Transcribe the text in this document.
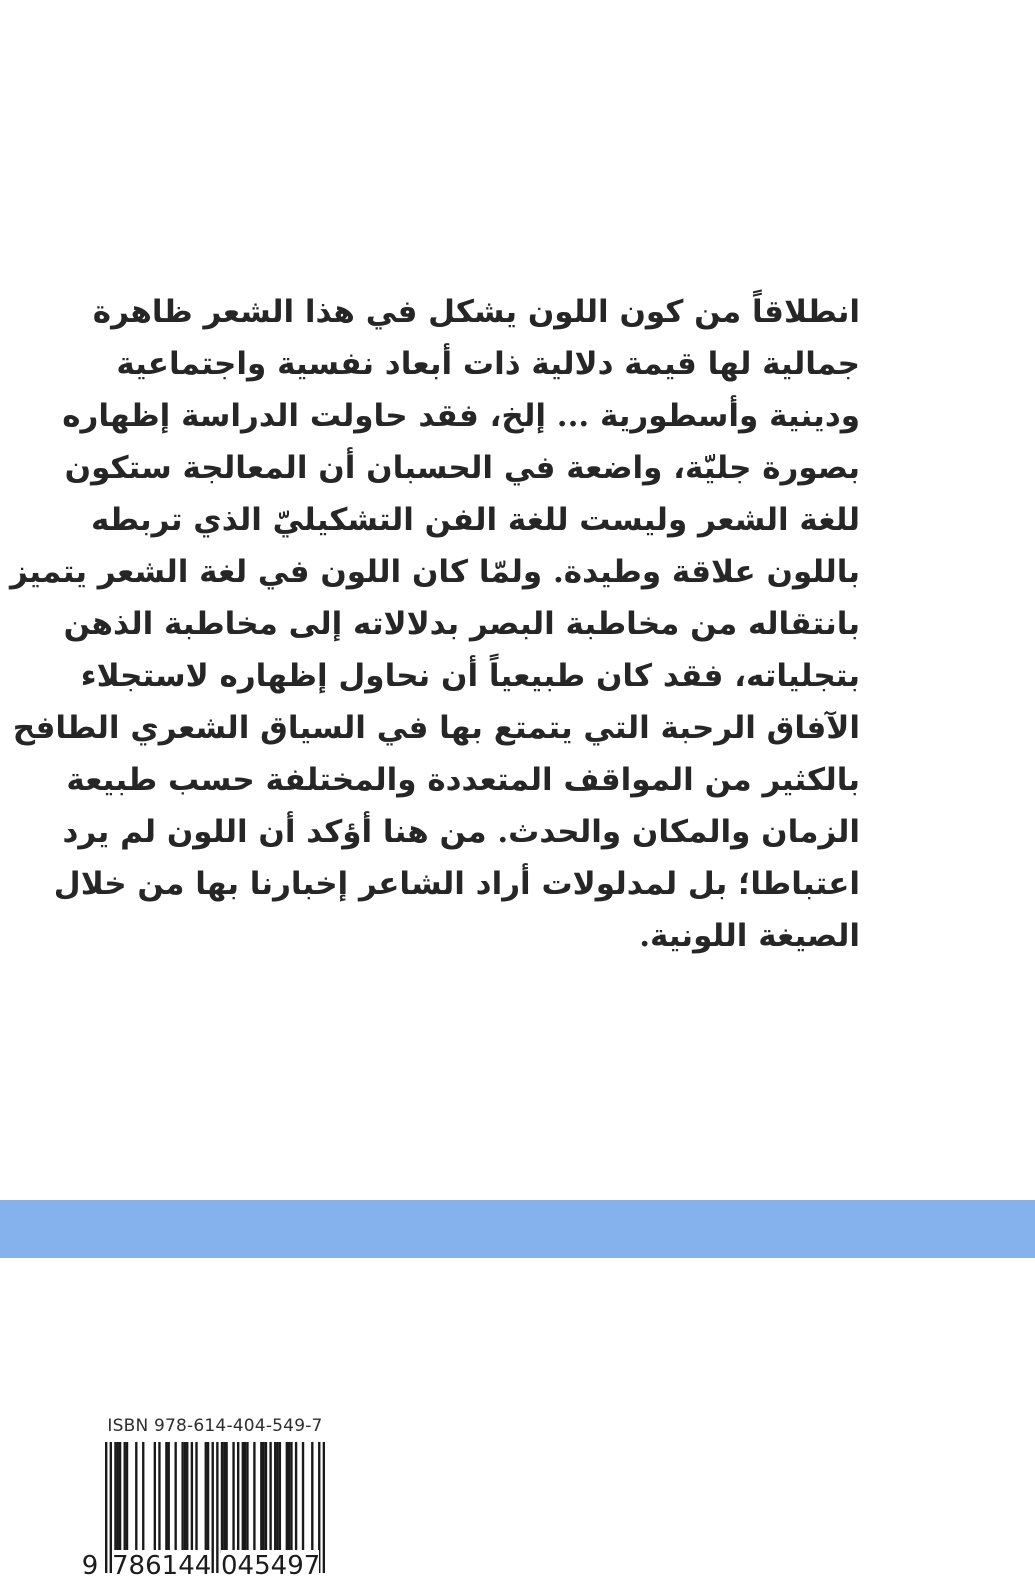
انطلاقاً من كون اللون يشكل في هذا الشعر ظاهرة
جمالية لها قيمة دلالية ذات أبعاد نفسية واجتماعية
ودينية وأسطورية ... إلخ، فقد حاولت الدراسة إظهاره
بصورة جليّة، واضعة في الحسبان أن المعالجة ستكون
للغة الشعر وليست للغة الفن التشكيليّ الذي تربطه
باللون علاقة وطيدة. ولمّا كان اللون في لغة الشعر يتميز
بانتقاله من مخاطبة البصر بدلالاته إلى مخاطبة الذهن
بتجلياته، فقد كان طبيعياً أن نحاول إظهاره لاستجلاء
الآفاق الرحبة التي يتمتع بها في السياق الشعري الطافح
بالكثير من المواقف المتعددة والمختلفة حسب طبيعة
الزمان والمكان والحدث. من هنا أؤكد أن اللون لم يرد
اعتباطا؛ بل لمدلولات أراد الشاعر إخبارنا بها من خلال
الصيغة اللونية.
ISBN 978-614-404-549-7
9 7 8 6 1 4 4 0 4 5 4 9 7
